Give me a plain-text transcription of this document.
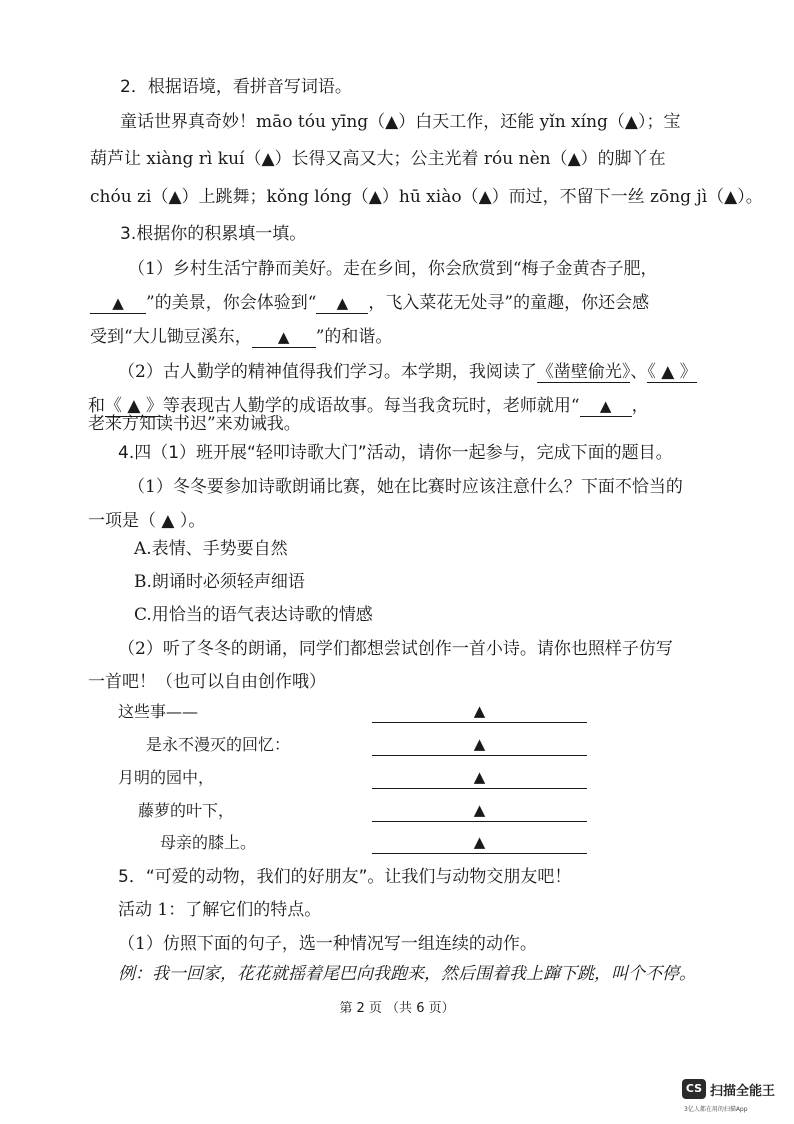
2．根据语境，看拼音写词语。
童话世界真奇妙！māo tóu yīng（▲）白天工作，还能 yǐn xíng（▲）；宝
葫芦让 xiàng rì kuí（▲）长得又高又大；公主光着 róu nèn（▲）的脚丫在
chóu zi（▲）上跳舞；kǒng lóng（▲）hū xiào（▲）而过，不留下一丝 zōng jì（▲）。
3.根据你的积累填一填。
（1）乡村生活宁静而美好。走在乡间，你会欣赏到“梅子金黄杏子肥，
▲ ”的美景，你会体验到“ ▲ ，飞入菜花无处寻”的童趣，你还会感
受到“大儿锄豆溪东， ▲ ”的和谐。
（2）古人勤学的精神值得我们学习。本学期，我阅读了《凿壁偷光》、《 ▲ 》
和《 ▲ 》等表现古人勤学的成语故事。每当我贪玩时，老师就用“ ▲ ，
老来方知读书迟”来劝诫我。
4.四（1）班开展“轻叩诗歌大门”活动，请你一起参与，完成下面的题目。
（1）冬冬要参加诗歌朗诵比赛，她在比赛时应该注意什么？下面不恰当的
一项是（ ▲ ）。
A.表情、手势要自然
B.朗诵时必须轻声细语
C.用恰当的语气表达诗歌的情感
（2）听了冬冬的朗诵，同学们都想尝试创作一首小诗。请你也照样子仿写
一首吧！（也可以自由创作哦）
这些事——	▲
是永不漫灭的回忆：	▲
月明的园中，	▲
藤萝的叶下，	▲
母亲的膝上。	▲
5．“可爱的动物，我们的好朋友”。让我们与动物交朋友吧！
活动 1：了解它们的特点。
（1）仿照下面的句子，选一种情况写一组连续的动作。
例：我一回家，花花就摇着尾巴向我跑来，然后围着我上蹿下跳，叫个不停。
第 2 页 （共 6 页）
CS 扫描全能王
3亿人都在用的扫描App
